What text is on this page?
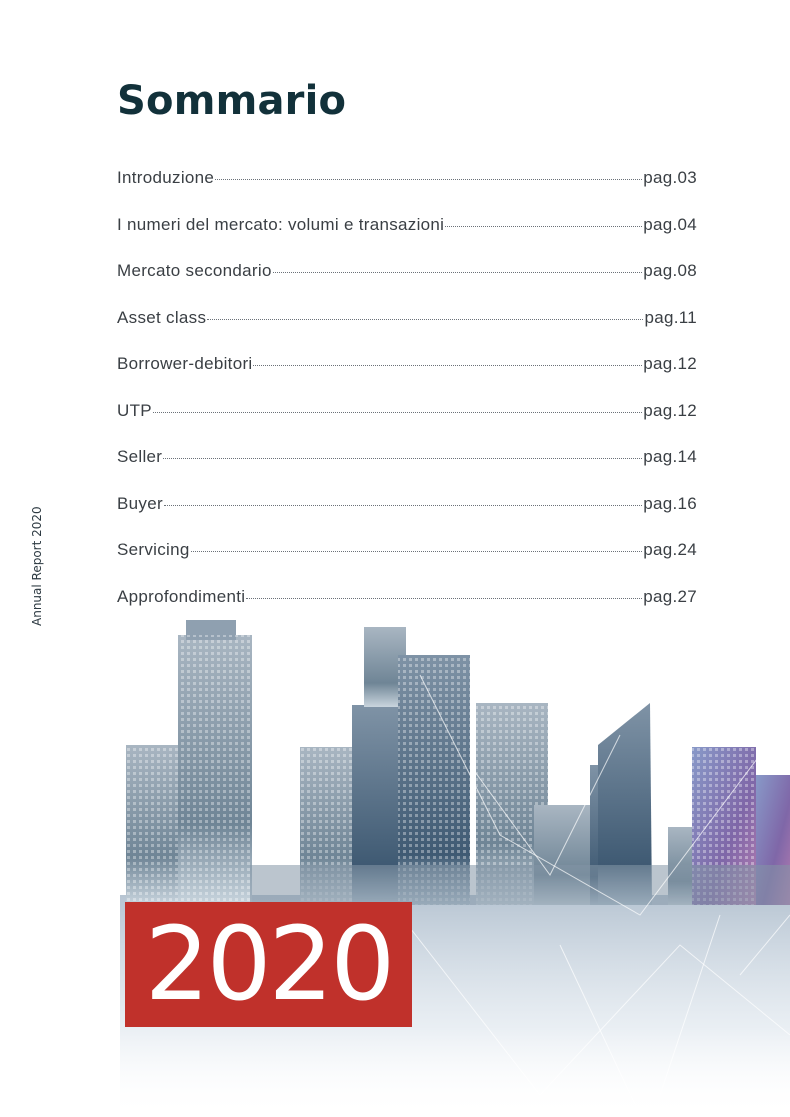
Sommario
Introduzione	pag.03
I numeri del mercato: volumi e transazioni	pag.04
Mercato secondario	pag.08
Asset class	pag.11
Borrower-debitori	pag.12
UTP	pag.12
Seller	pag.14
Buyer	pag.16
Servicing	pag.24
Approfondimenti	pag.27
Annual Report 2020
2020
